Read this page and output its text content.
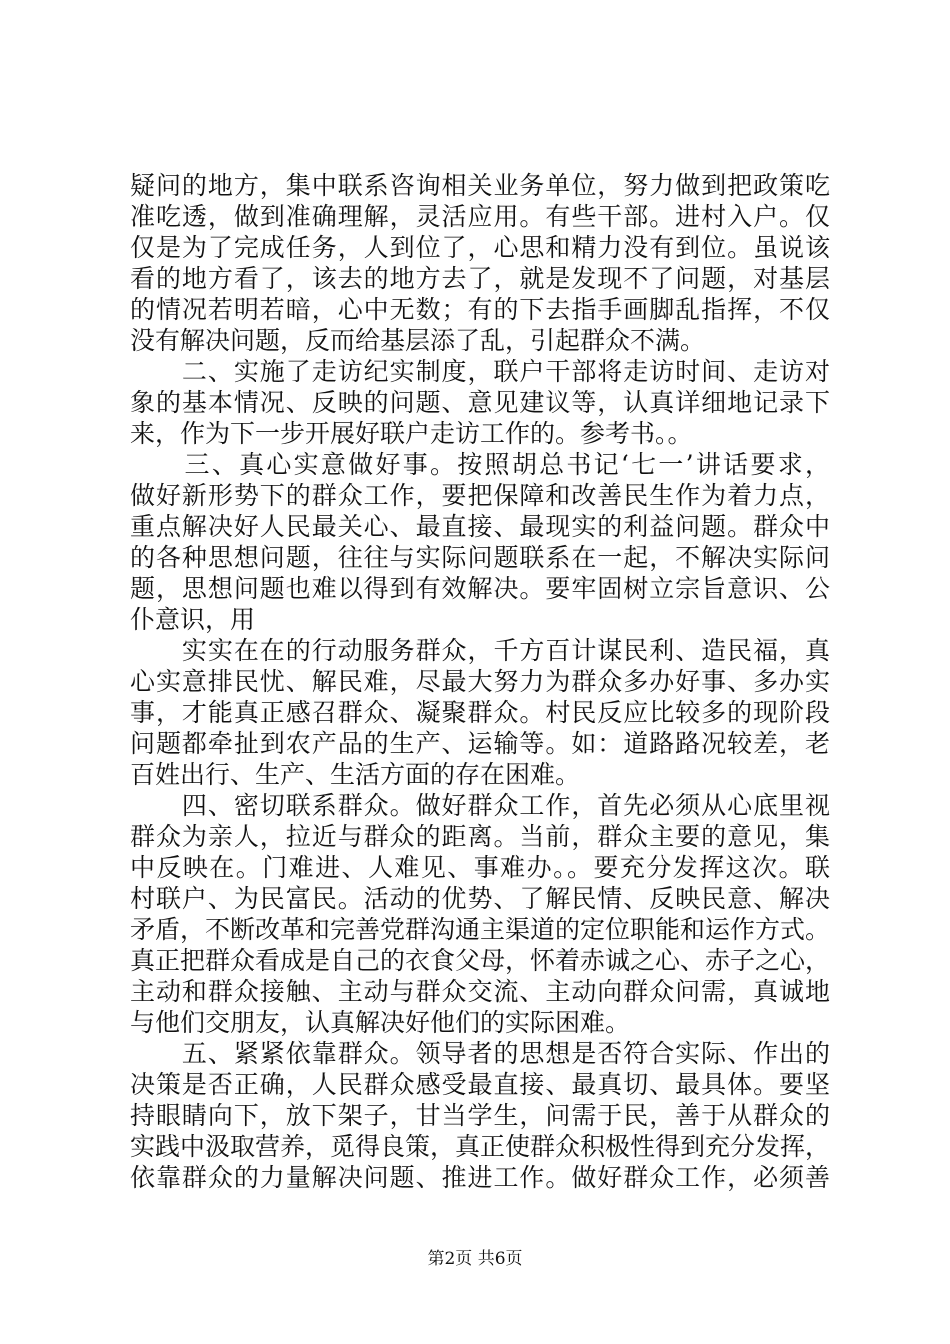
疑问的地方，集中联系咨询相关业务单位，努力做到把政策吃
准吃透，做到准确理解，灵活应用。有些干部。进村入户。仅
仅是为了完成任务，人到位了，心思和精力没有到位。虽说该
看的地方看了，该去的地方去了，就是发现不了问题，对基层
的情况若明若暗，心中无数；有的下去指手画脚乱指挥，不仅
没有解决问题，反而给基层添了乱，引起群众不满。
　　二、实施了走访纪实制度，联户干部将走访时间、走访对
象的基本情况、反映的问题、意见建议等，认真详细地记录下
来，作为下一步开展好联户走访工作的。参考书。。
　　三、真心实意做好事。按照胡总书记‘七一’讲话要求，
做好新形势下的群众工作，要把保障和改善民生作为着力点，
重点解决好人民最关心、最直接、最现实的利益问题。群众中
的各种思想问题，往往与实际问题联系在一起，不解决实际问
题，思想问题也难以得到有效解决。要牢固树立宗旨意识、公
仆意识，用
　　实实在在的行动服务群众，千方百计谋民利、造民福，真
心实意排民忧、解民难，尽最大努力为群众多办好事、多办实
事，才能真正感召群众、凝聚群众。村民反应比较多的现阶段
问题都牵扯到农产品的生产、运输等。如：道路路况较差，老
百姓出行、生产、生活方面的存在困难。
　　四、密切联系群众。做好群众工作，首先必须从心底里视
群众为亲人，拉近与群众的距离。当前，群众主要的意见，集
中反映在。门难进、人难见、事难办。。要充分发挥这次。联
村联户、为民富民。活动的优势、了解民情、反映民意、解决
矛盾，不断改革和完善党群沟通主渠道的定位职能和运作方式。
真正把群众看成是自己的衣食父母，怀着赤诚之心、赤子之心，
主动和群众接触、主动与群众交流、主动向群众问需，真诚地
与他们交朋友，认真解决好他们的实际困难。
　　五、紧紧依靠群众。领导者的思想是否符合实际、作出的
决策是否正确，人民群众感受最直接、最真切、最具体。要坚
持眼睛向下，放下架子，甘当学生，问需于民，善于从群众的
实践中汲取营养，觅得良策，真正使群众积极性得到充分发挥，
依靠群众的力量解决问题、推进工作。做好群众工作，必须善
第2页 共6页
